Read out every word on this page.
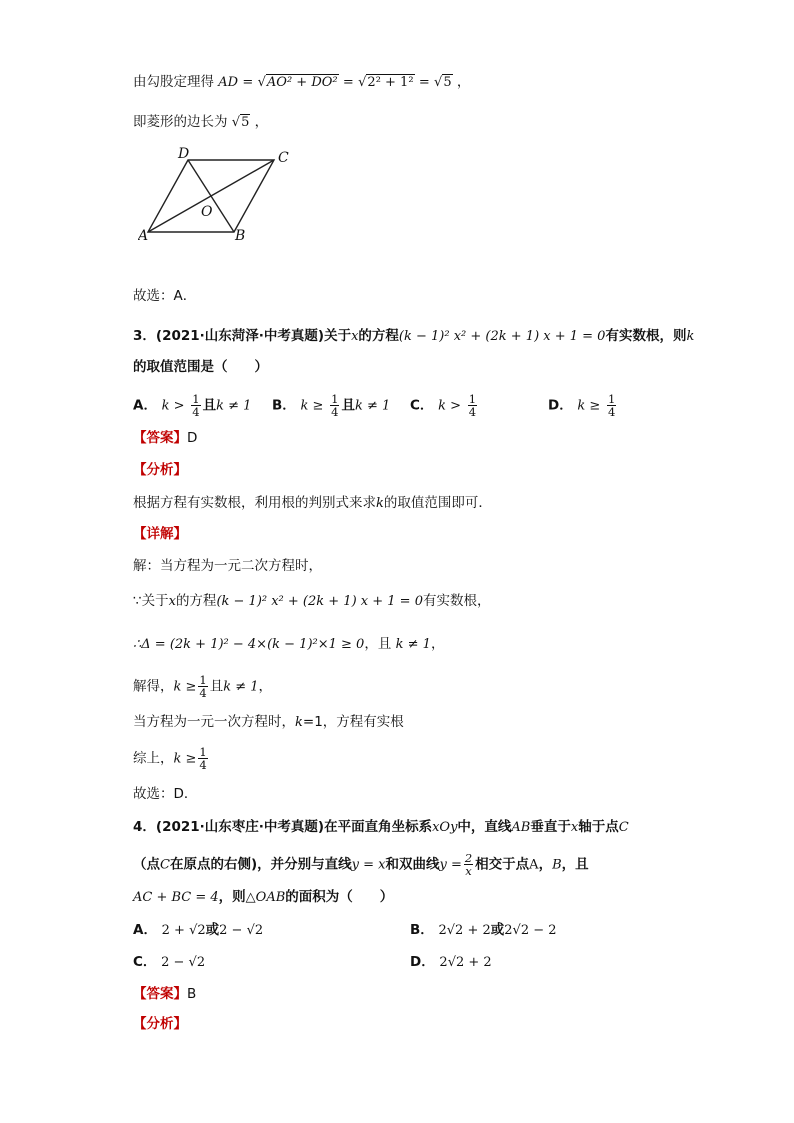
由勾股定理得 AD = √AO² + DO² = √2² + 1² = √5 ，
即菱形的边长为 √5 ，
D	C
O
A	B
故选：A．
3．(2021·山东菏泽·中考真题)关于x的方程(k − 1)² x² + (2k + 1) x + 1 = 0有实数根，则k
的取值范围是（　　）
A． $k > \frac{1}{4}$ 且k ≠ 1 B． $k \ge \frac{1}{4}$ 且k ≠ 1 C． $k > \frac{1}{4}$	D． $k \ge \frac{1}{4}$
【答案】D
【分析】
根据方程有实数根，利用根的判别式来求k的取值范围即可．
【详解】
解：当方程为一元二次方程时，
∵关于x的方程(k − 1)² x² + (2k + 1) x + 1 = 0有实数根，
∴Δ = (2k + 1)² − 4×(k − 1)²×1 ≥ 0，且 k ≠ 1，
解得，$k \ge \frac{1}{4}$ 且k ≠ 1，
当方程为一元一次方程时，k=1，方程有实根
综上，$k \ge \frac{1}{4}$
故选：D．
4．(2021·山东枣庄·中考真题)在平面直角坐标系xOy中，直线AB垂直于x轴于点C
（点C在原点的右侧)，并分别与直线y = x和双曲线$y = \frac{2}{x}$ 相交于点A，B，且
AC + BC = 4，则△OAB的面积为（　　）
A． 2 + √2或2 − √2	B． 2√2 + 2或2√2 − 2
C． 2 − √2	D． 2√2 + 2
【答案】B
【分析】
